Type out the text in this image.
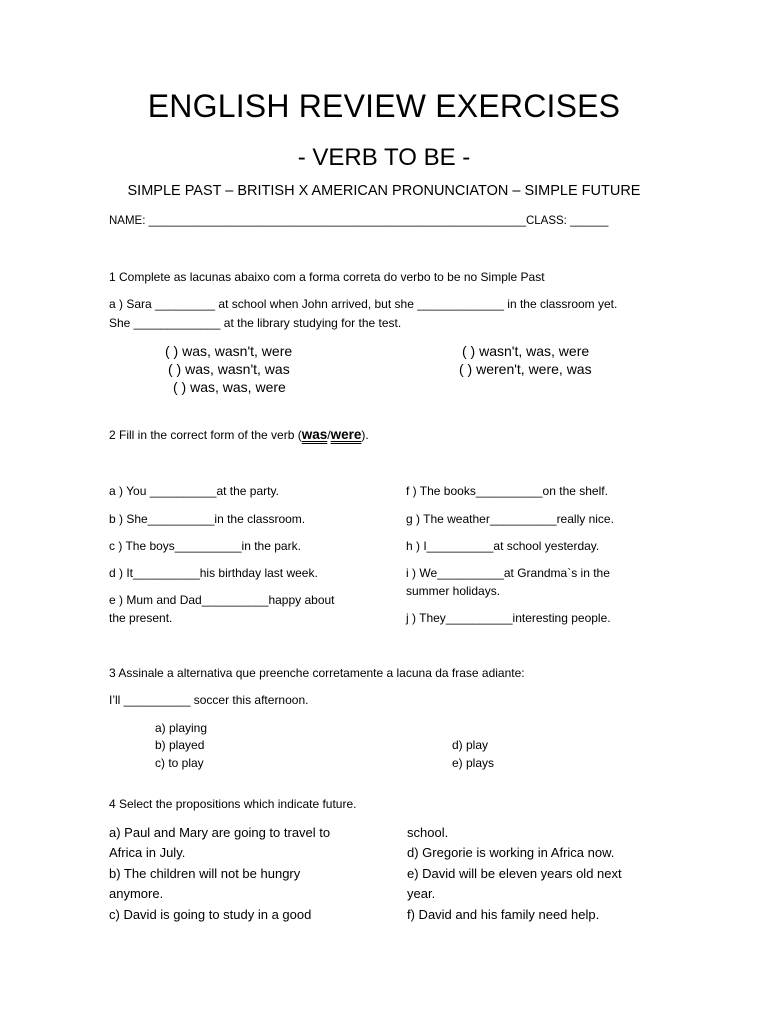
ENGLISH REVIEW EXERCISES
- VERB TO BE -
SIMPLE PAST – BRITISH X AMERICAN PRONUNCIATON – SIMPLE FUTURE
NAME: ___________________________________________________________CLASS: ______
1 Complete as lacunas abaixo com a forma correta do verbo to be no Simple Past
a ) Sara _________ at school when John arrived, but she _____________ in the classroom yet.
She _____________ at the library studying for the test.
( ) was, wasn't, were
( ) was, wasn't, was
( ) was, was, were
( ) wasn't, was, were
( ) weren't, were, was
2 Fill in the correct form of the verb (was/were).
a ) You __________at the party.
b ) She__________in the classroom.
c ) The boys__________in the park.
d ) It__________his birthday last week.
e ) Mum and Dad__________happy about
the present.
f ) The books__________on the shelf.
g ) The weather__________really nice.
h ) I__________at school yesterday.
i ) We__________at Grandma`s in the
summer holidays.
j ) They__________interesting people.
3 Assinale a alternativa que preenche corretamente a lacuna da frase adiante:
I’ll __________ soccer this afternoon.
a) playing
b) played
c) to play
d) play
e) plays
4 Select the propositions which indicate future.
a) Paul and Mary are going to travel to
Africa in July.
b) The children will not be hungry
anymore.
c) David is going to study in a good
school.
d) Gregorie is working in Africa now.
e) David will be eleven years old next
year.
f) David and his family need help.
